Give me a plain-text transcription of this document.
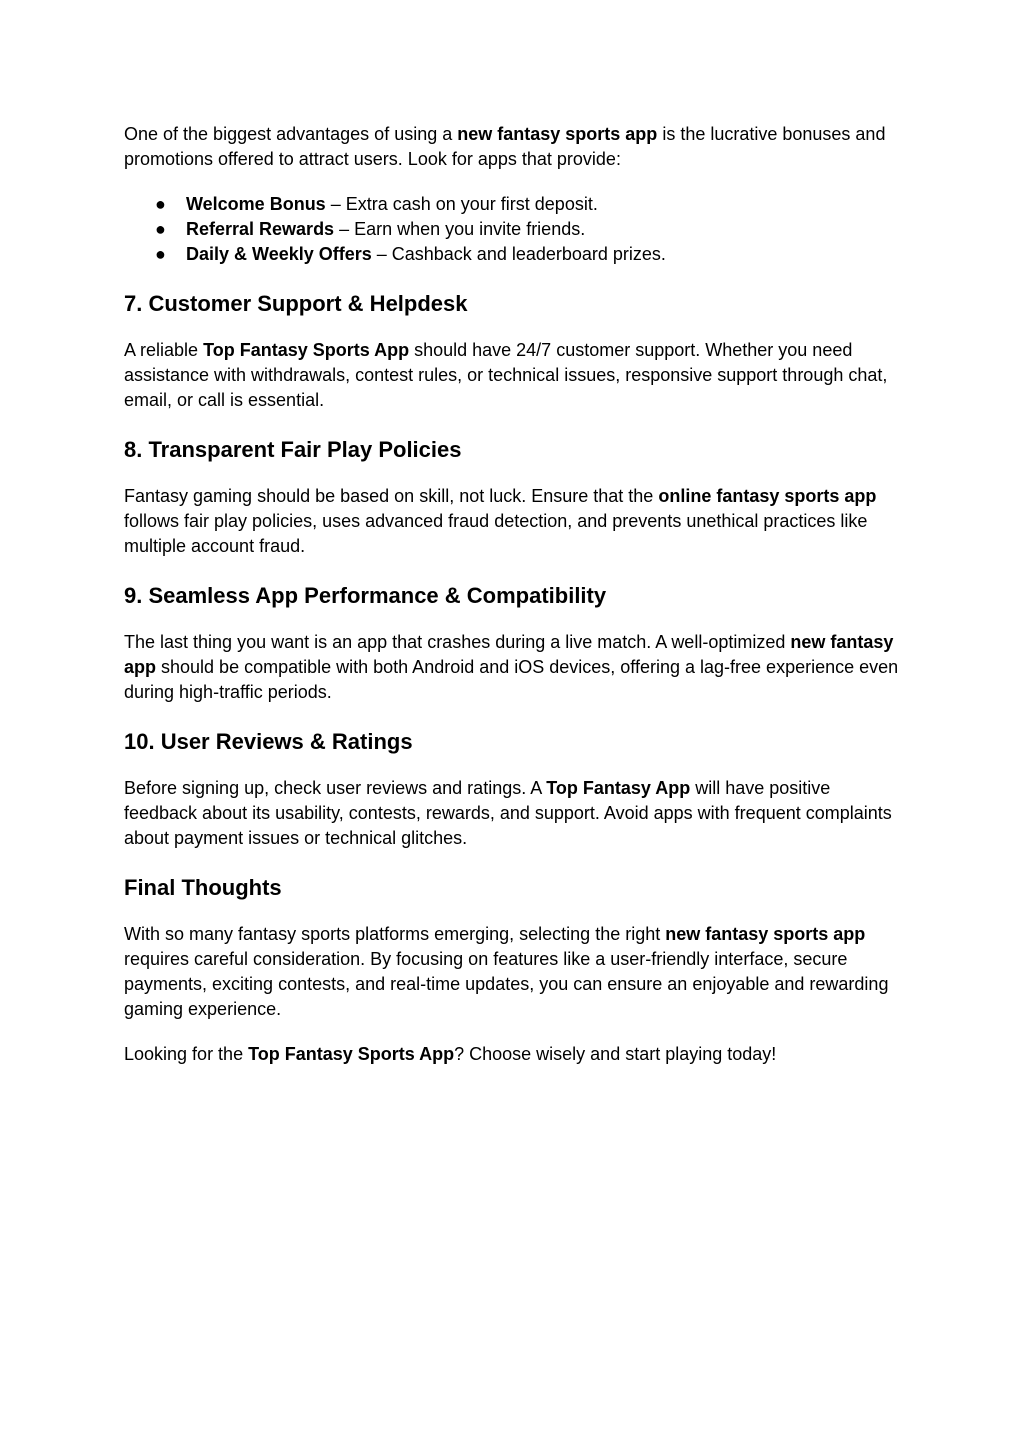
One of the biggest advantages of using a new fantasy sports app is the lucrative bonuses and promotions offered to attract users. Look for apps that provide:

● Welcome Bonus – Extra cash on your first deposit.
● Referral Rewards – Earn when you invite friends.
● Daily & Weekly Offers – Cashback and leaderboard prizes.
7. Customer Support & Helpdesk

A reliable Top Fantasy Sports App should have 24/7 customer support. Whether you need assistance with withdrawals, contest rules, or technical issues, responsive support through chat, email, or call is essential.

8. Transparent Fair Play Policies

Fantasy gaming should be based on skill, not luck. Ensure that the online fantasy sports app follows fair play policies, uses advanced fraud detection, and prevents unethical practices like multiple account fraud.

9. Seamless App Performance & Compatibility

The last thing you want is an app that crashes during a live match. A well-optimized new fantasy app should be compatible with both Android and iOS devices, offering a lag-free experience even during high-traffic periods.

10. User Reviews & Ratings

Before signing up, check user reviews and ratings. A Top Fantasy App will have positive feedback about its usability, contests, rewards, and support. Avoid apps with frequent complaints about payment issues or technical glitches.

Final Thoughts

With so many fantasy sports platforms emerging, selecting the right new fantasy sports app requires careful consideration. By focusing on features like a user-friendly interface, secure payments, exciting contests, and real-time updates, you can ensure an enjoyable and rewarding gaming experience.

Looking for the Top Fantasy Sports App? Choose wisely and start playing today!
